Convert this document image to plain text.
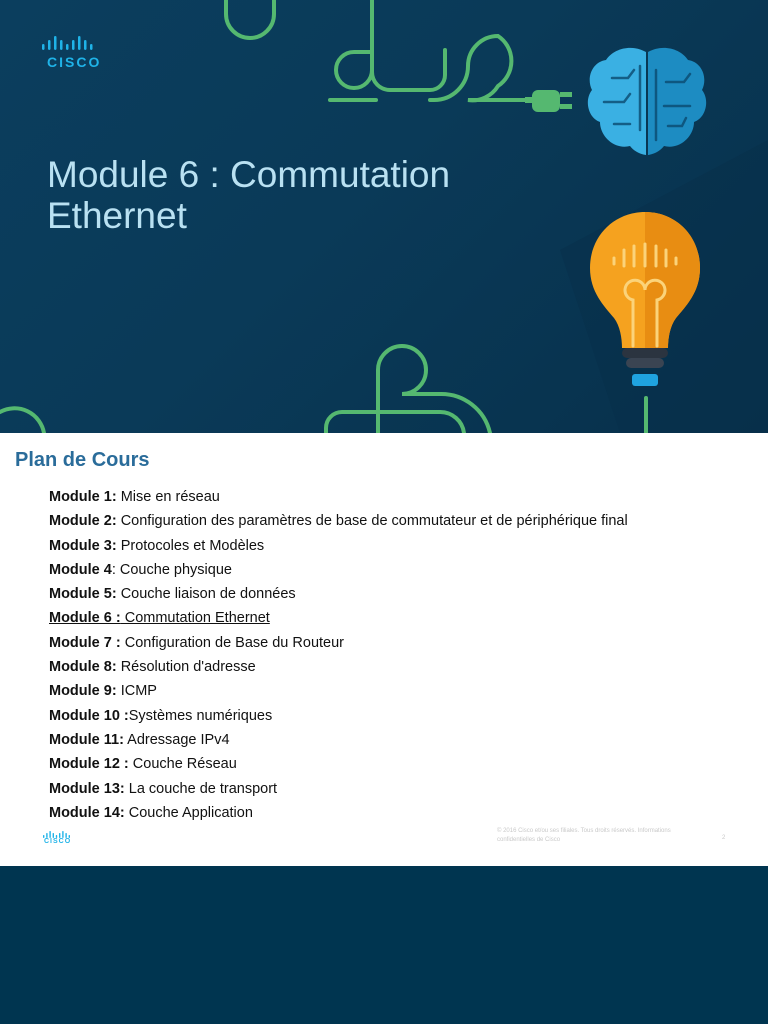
CISCO
Module 6 : Commutation
Ethernet
Plan de Cours
Module 1: Mise en réseau
Module 2: Configuration des paramètres de base de commutateur et de périphérique final
Module 3: Protocoles et Modèles
Module 4: Couche physique
Module 5: Couche liaison de données
Module 6 : Commutation Ethernet
Module 7 : Configuration de Base du Routeur
Module 8: Résolution d'adresse
Module 9: ICMP
Module 10 :Systèmes numériques
Module 11: Adressage IPv4
Module 12 : Couche Réseau
Module 13: La couche de transport
Module 14: Couche Application
CISCO
© 2016 Cisco et/ou ses filiales. Tous droits réservés. Informations confidentielles de Cisco	2
